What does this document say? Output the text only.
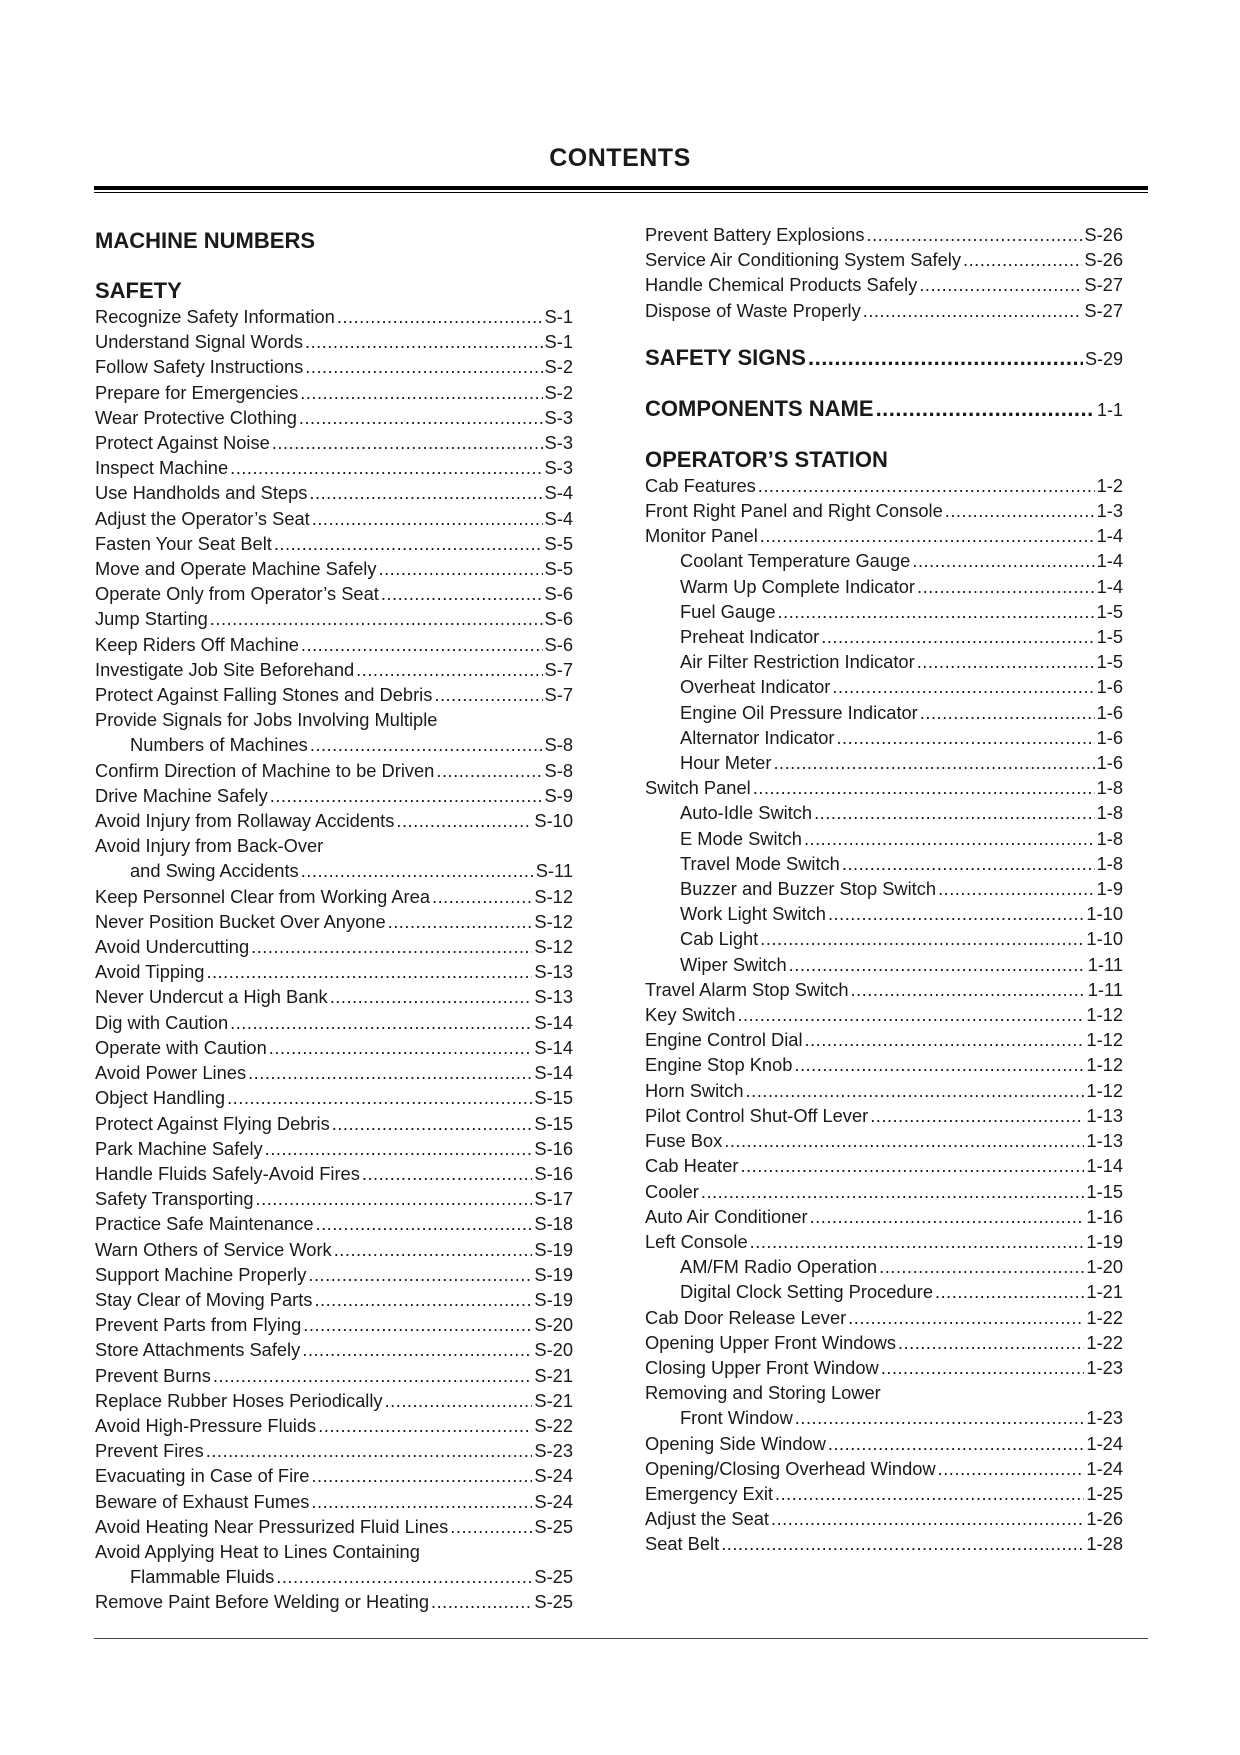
CONTENTS
MACHINE NUMBERS
SAFETY
Recognize Safety Information .....	S-1
Understand Signal Words .....	S-1
Follow Safety Instructions .....	S-2
Prepare for Emergencies .....	S-2
Wear Protective Clothing .....	S-3
Protect Against Noise .....	S-3
Inspect Machine .....	S-3
Use Handholds and Steps .....	S-4
Adjust the Operator’s Seat .....	S-4
Fasten Your Seat Belt .....	S-5
Move and Operate Machine Safely .....	S-5
Operate Only from Operator’s Seat .....	S-6
Jump Starting .....	S-6
Keep Riders Off Machine .....	S-6
Investigate Job Site Beforehand .....	S-7
Protect Against Falling Stones and Debris .....	S-7
Provide Signals for Jobs Involving Multiple
Numbers of Machines .....	S-8
Confirm Direction of Machine to be Driven .....	S-8
Drive Machine Safely .....	S-9
Avoid Injury from Rollaway Accidents .....	S-10
Avoid Injury from Back-Over
and Swing Accidents .....	S-11
Keep Personnel Clear from Working Area .....	S-12
Never Position Bucket Over Anyone .....	S-12
Avoid Undercutting .....	S-12
Avoid Tipping .....	S-13
Never Undercut a High Bank .....	S-13
Dig with Caution .....	S-14
Operate with Caution .....	S-14
Avoid Power Lines .....	S-14
Object Handling .....	S-15
Protect Against Flying Debris .....	S-15
Park Machine Safely .....	S-16
Handle Fluids Safely-Avoid Fires .....	S-16
Safety Transporting .....	S-17
Practice Safe Maintenance .....	S-18
Warn Others of Service Work .....	S-19
Support Machine Properly .....	S-19
Stay Clear of Moving Parts .....	S-19
Prevent Parts from Flying .....	S-20
Store Attachments Safely .....	S-20
Prevent Burns .....	S-21
Replace Rubber Hoses Periodically .....	S-21
Avoid High-Pressure Fluids .....	S-22
Prevent Fires .....	S-23
Evacuating in Case of Fire .....	S-24
Beware of Exhaust Fumes .....	S-24
Avoid Heating Near Pressurized Fluid Lines .....	S-25
Avoid Applying Heat to Lines Containing
Flammable Fluids .....	S-25
Remove Paint Before Welding or Heating .....	S-25
Prevent Battery Explosions .....	S-26
Service Air Conditioning System Safely .....	S-26
Handle Chemical Products Safely .....	S-27
Dispose of Waste Properly .....	S-27
SAFETY SIGNS .....	S-29
COMPONENTS NAME .....	1-1
OPERATOR’S STATION
Cab Features .....	1-2
Front Right Panel and Right Console .....	1-3
Monitor Panel .....	1-4
Coolant Temperature Gauge .....	1-4
Warm Up Complete Indicator .....	1-4
Fuel Gauge .....	1-5
Preheat Indicator .....	1-5
Air Filter Restriction Indicator .....	1-5
Overheat Indicator .....	1-6
Engine Oil Pressure Indicator .....	1-6
Alternator Indicator .....	1-6
Hour Meter .....	1-6
Switch Panel .....	1-8
Auto-Idle Switch .....	1-8
E Mode Switch .....	1-8
Travel Mode Switch .....	1-8
Buzzer and Buzzer Stop Switch .....	1-9
Work Light Switch .....	1-10
Cab Light .....	1-10
Wiper Switch .....	1-11
Travel Alarm Stop Switch .....	1-11
Key Switch .....	1-12
Engine Control Dial .....	1-12
Engine Stop Knob .....	1-12
Horn Switch .....	1-12
Pilot Control Shut-Off Lever .....	1-13
Fuse Box .....	1-13
Cab Heater .....	1-14
Cooler .....	1-15
Auto Air Conditioner .....	1-16
Left Console .....	1-19
AM/FM Radio Operation .....	1-20
Digital Clock Setting Procedure .....	1-21
Cab Door Release Lever .....	1-22
Opening Upper Front Windows .....	1-22
Closing Upper Front Window .....	1-23
Removing and Storing Lower
Front Window .....	1-23
Opening Side Window .....	1-24
Opening/Closing Overhead Window .....	1-24
Emergency Exit .....	1-25
Adjust the Seat .....	1-26
Seat Belt .....	1-28
